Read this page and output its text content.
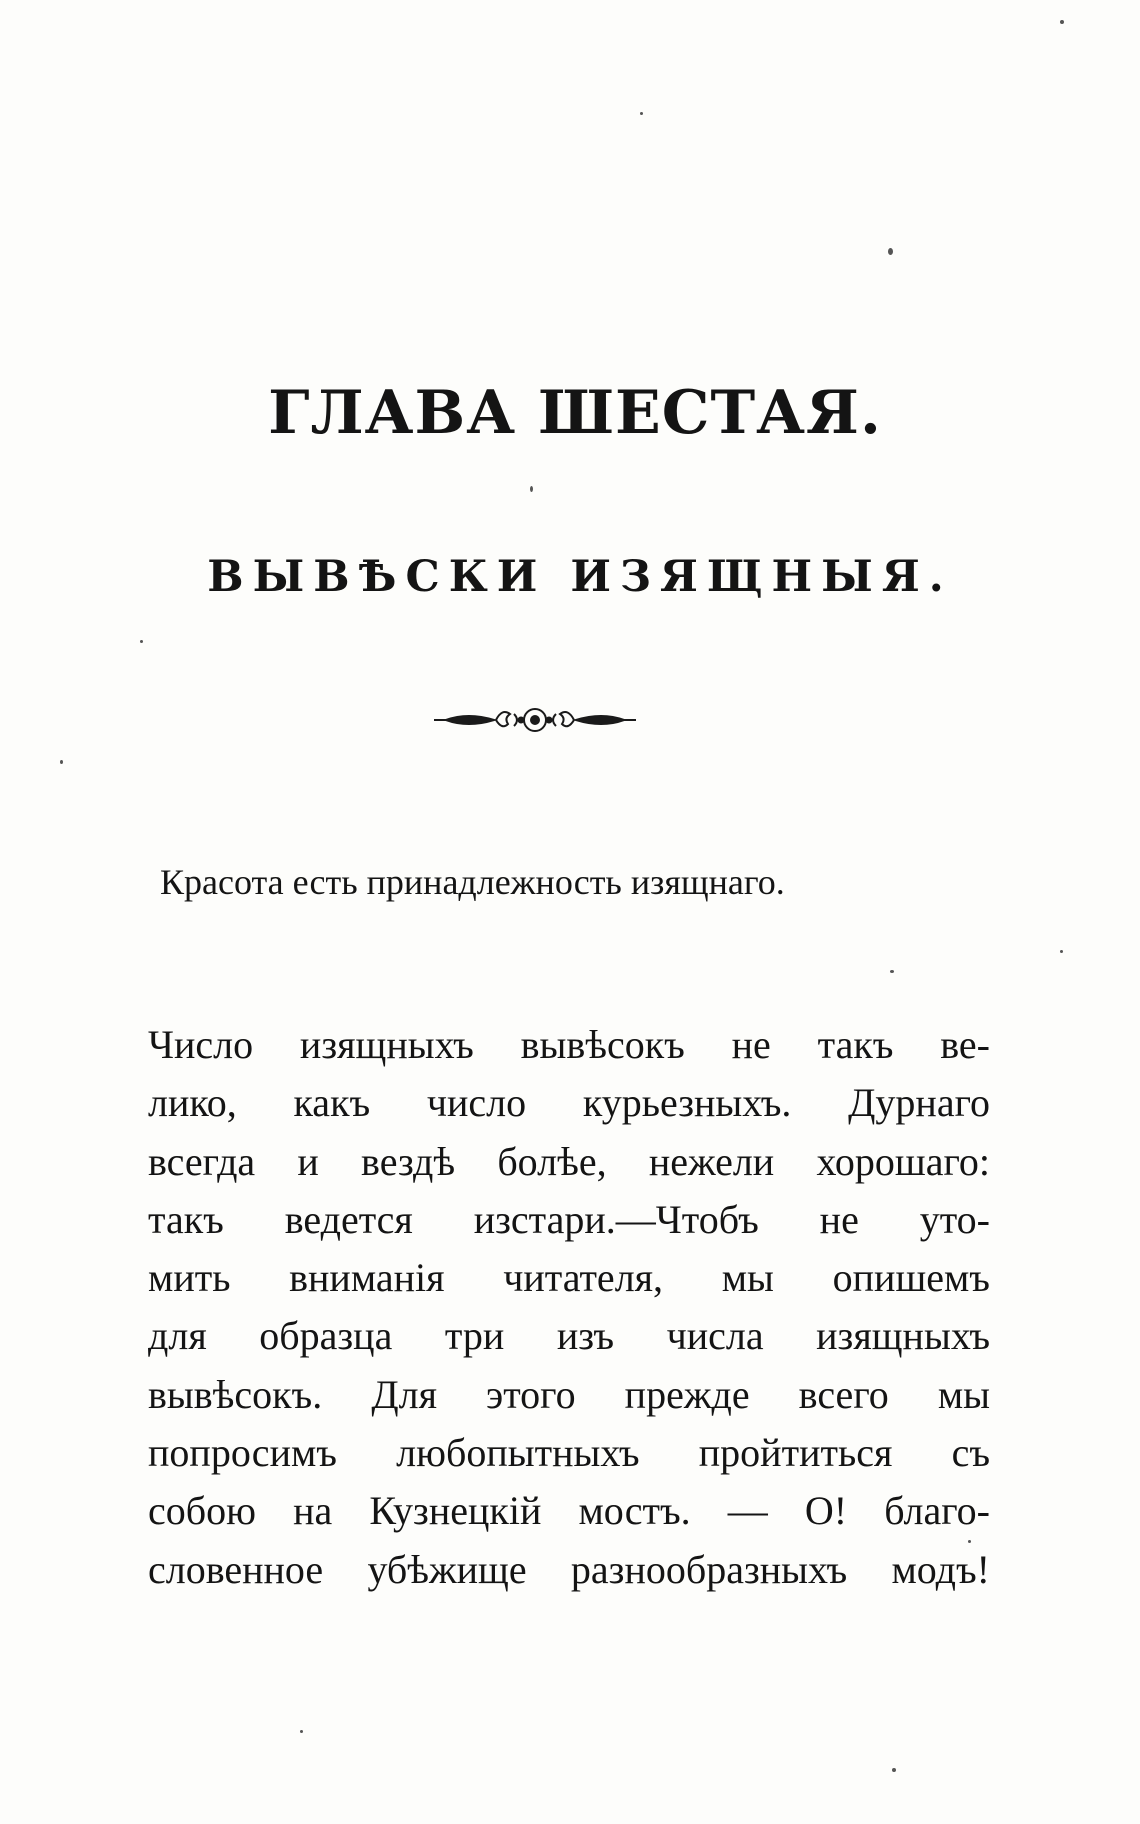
ГЛАВА ШЕСТАЯ.
ВЫВѢСКИ ИЗЯЩНЫЯ.

Красота есть принадлежность изящнаго.

Число изящныхъ вывѣсокъ не такъ ве-
лико, какъ число курьезныхъ. Дурнаго
всегда и вездѣ болѣе, нежели хорошаго:
такъ ведется изстари.—Чтобъ не уто-
мить вниманія читателя, мы опишемъ
для образца три изъ числа изящныхъ
вывѣсокъ. Для этого прежде всего мы
попросимъ любопытныхъ пройтиться съ
собою на Кузнецкій мостъ. — О! благо-
словенное убѣжище разнообразныхъ модъ!
